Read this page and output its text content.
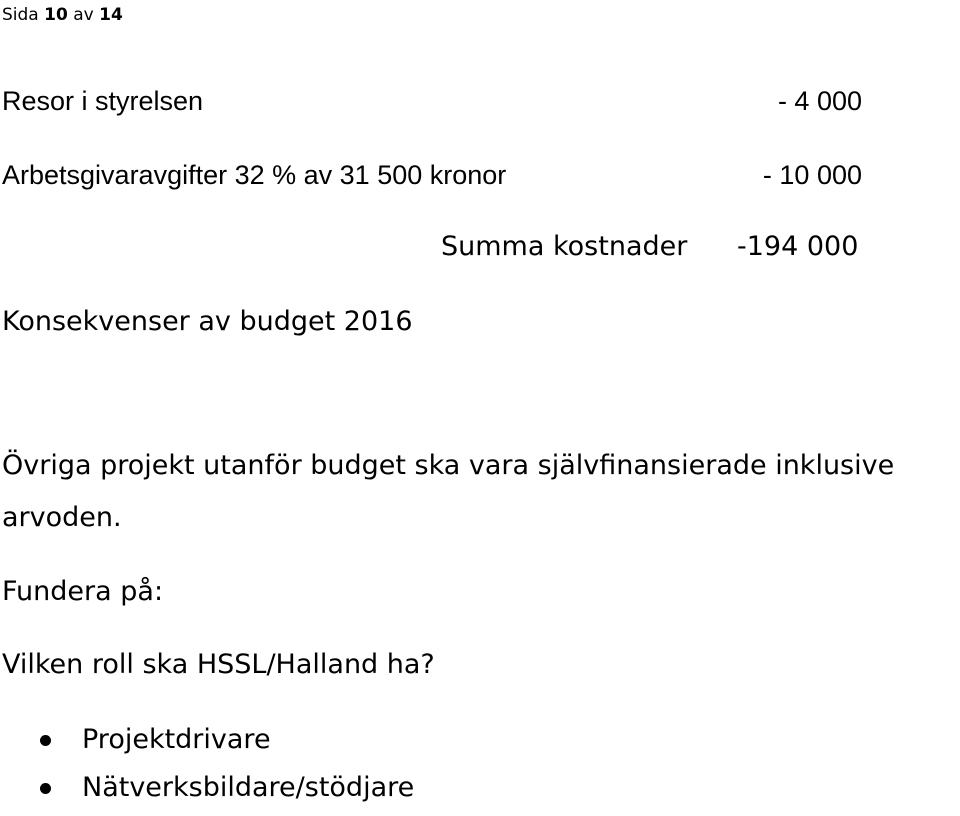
Sida 10 av 14
Resor i styrelsen	- 4 000
Arbetsgivaravgifter 32 % av 31 500 kronor	- 10 000
Summa kostnader -194 000
Konsekvenser av budget 2016
Övriga projekt utanför budget ska vara självfinansierade inklusive arvoden.
Fundera på:
Vilken roll ska HSSL/Halland ha?
Projektdrivare
Nätverksbildare/stödjare
